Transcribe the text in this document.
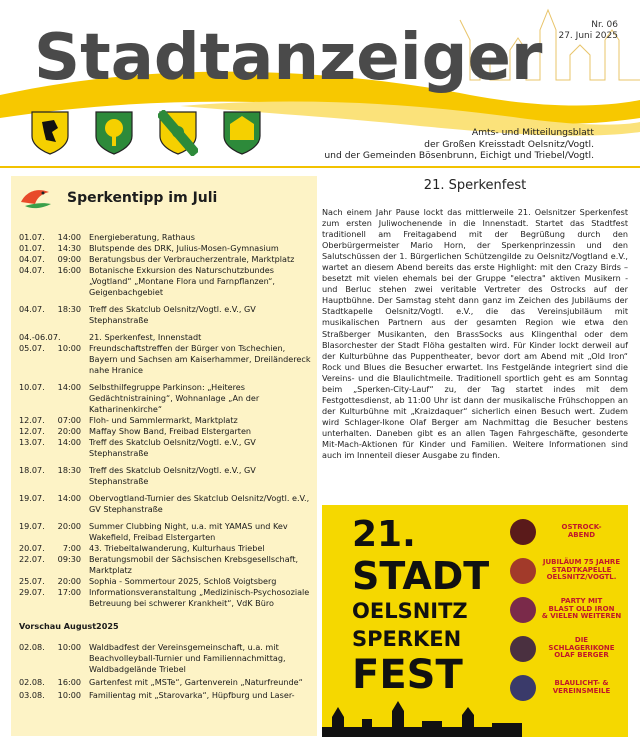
Stadtanzeiger	Nr. 06
27. Juni 2025
Amts- und Mitteilungsblatt
der Großen Kreisstadt Oelsnitz/Vogtl.
und der Gemeinden Bösenbrunn, Eichigt und Triebel/Vogtl.
Sperkentipp im Juli
01.07.	14:00 Energieberatung, Rathaus
01.07.	14:30 Blutspende des DRK, Julius-Mosen-Gymnasium
04.07.	09:00 Beratungsbus der Verbraucherzentrale, Marktplatz
04.07.	16:00 Botanische Exkursion des Naturschutzbundes „Vogtland“ „Montane Flora und Farnpflanzen“, Geigenbachgebiet
04.07.	18:30 Treff des Skatclub Oelsnitz/Vogtl. e.V., GV Stephanstraße
04.-06.07.	21. Sperkenfest, Innenstadt
05.07.	10:00 Freundschaftstreffen der Bürger von Tschechien, Bayern und Sachsen am Kaiserhammer, Dreiländereck nahe Hranice
10.07.	14:00 Selbsthilfegruppe Parkinson: „Heiteres Gedächtnistraining“, Wohnanlage „An der Katharinenkirche“
12.07.	07:00 Floh- und Sammlermarkt, Marktplatz
12.07.	20:00 Maffay Show Band, Freibad Elstergarten
13.07.	14:00 Treff des Skatclub Oelsnitz/Vogtl. e.V., GV Stephanstraße
18.07.	18:30 Treff des Skatclub Oelsnitz/Vogtl. e.V., GV Stephanstraße
19.07.	14:00 Obervogtland-Turnier des Skatclub Oelsnitz/Vogtl. e.V., GV Stephanstraße
19.07.	20:00 Summer Clubbing Night, u.a. mit YAMAS und Kev Wakefield, Freibad Elstergarten
20.07.	7:00 43. Triebeltalwanderung, Kulturhaus Triebel
22.07.	09:30 Beratungsmobil der Sächsischen Krebsgesellschaft, Marktplatz
25.07.	20:00 Sophia - Sommertour 2025, Schloß Voigtsberg
29.07.	17:00 Informationsveranstaltung „Medizinisch-Psychosoziale Betreuung bei schwerer Krankheit“, VdK Büro
Vorschau August2025
02.08.	10:00 Waldbadfest der Vereinsgemeinschaft, u.a. mit Beachvolleyball-Turnier und Familiennachmittag, Waldbadgelände Triebel
02.08.	16:00 Gartenfest mit „MSTe“, Gartenverein „Naturfreunde“
03.08.	10:00 Familientag mit „Starovarka“, Hüpfburg und Laser-
21. Sperkenfest
Nach einem Jahr Pause lockt das mittlerweile 21. Oelsnitzer Sperkenfest zum ersten Juliwochenende in die Innenstadt. Startet das Stadtfest traditionell am Freitagabend mit der Begrüßung durch den Oberbürgermeister Mario Horn, der Sperkenprinzessin und den Salutschüssen der 1. Bürgerlichen Schützengilde zu Oelsnitz/Vogtland e.V., wartet an diesem Abend bereits das erste Highlight: mit den Crazy Birds – besetzt mit vielen ehemals bei der Gruppe "electra" aktiven Musikern - und Berluc stehen zwei veritable Vertreter des Ostrocks auf der Hauptbühne. Der Samstag steht dann ganz im Zeichen des Jubiläums der Stadtkapelle Oelsnitz/Vogtl. e.V., die das Vereinsjubiläum mit musikalischen Partnern aus der gesamten Region wie etwa den Straßberger Musikanten, den BrassSocks aus Klingenthal oder dem Blasorchester der Stadt Flöha gestalten wird. Für Kinder lockt derweil auf der Kulturbühne das Puppentheater, bevor dort am Abend mit „Old Iron“ Rock und Blues die Besucher erwartet. Ins Festgelände integriert sind die Vereins- und die Blaulichtmeile. Traditionell sportlich geht es am Sonntag beim „Sperken-City-Lauf“ zu, der Tag startet indes mit dem Festgottesdienst, ab 11:00 Uhr ist dann der musikalische Frühschoppen an der Kulturbühne mit „Kraizdaquer“ sicherlich einen Besuch wert. Zudem wird Schlager-Ikone Olaf Berger am Nachmittag die Besucher bestens unterhalten. Daneben gibt es an allen Tagen Fahrgeschäfte, gesonderte Mit-Mach-Aktionen für Kinder und Familien. Weitere Informationen sind auch im Innenteil dieser Ausgabe zu finden.
21.
STADT
OELSNITZ
SPERKEN
FEST
OSTROCK-
ABEND
JUBILÄUM 75 JAHRE
STADTKAPELLE
OELSNITZ/VOGTL.
PARTY MIT
BLAST OLD IRON
& VIELEN WEITEREN
DIE SCHLAGERIKONE
OLAF BERGER
BLAULICHT- &
VEREINSMEILE
